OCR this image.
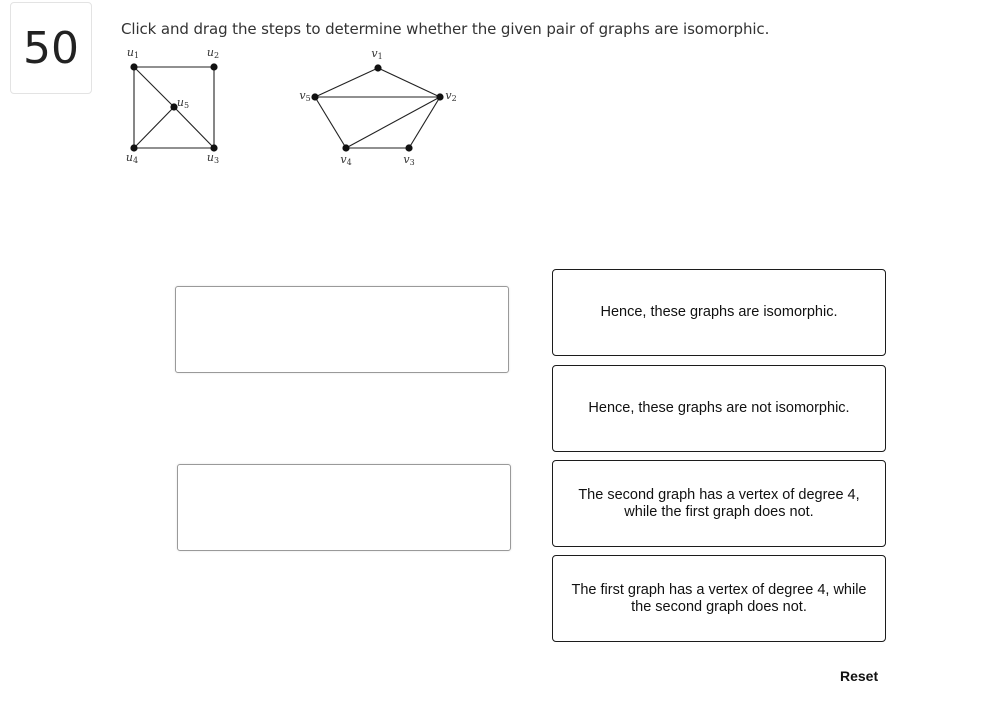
50	Click and drag the steps to determine whether the given pair of graphs are isomorphic.
u1	u2
u3
u4
u5
v1
v2
v3
v4
v5
Hence, these graphs are isomorphic.
Hence, these graphs are not isomorphic.
The second graph has a vertex of degree 4, while the first graph does not.
The first graph has a vertex of degree 4, while the second graph does not.
Reset
